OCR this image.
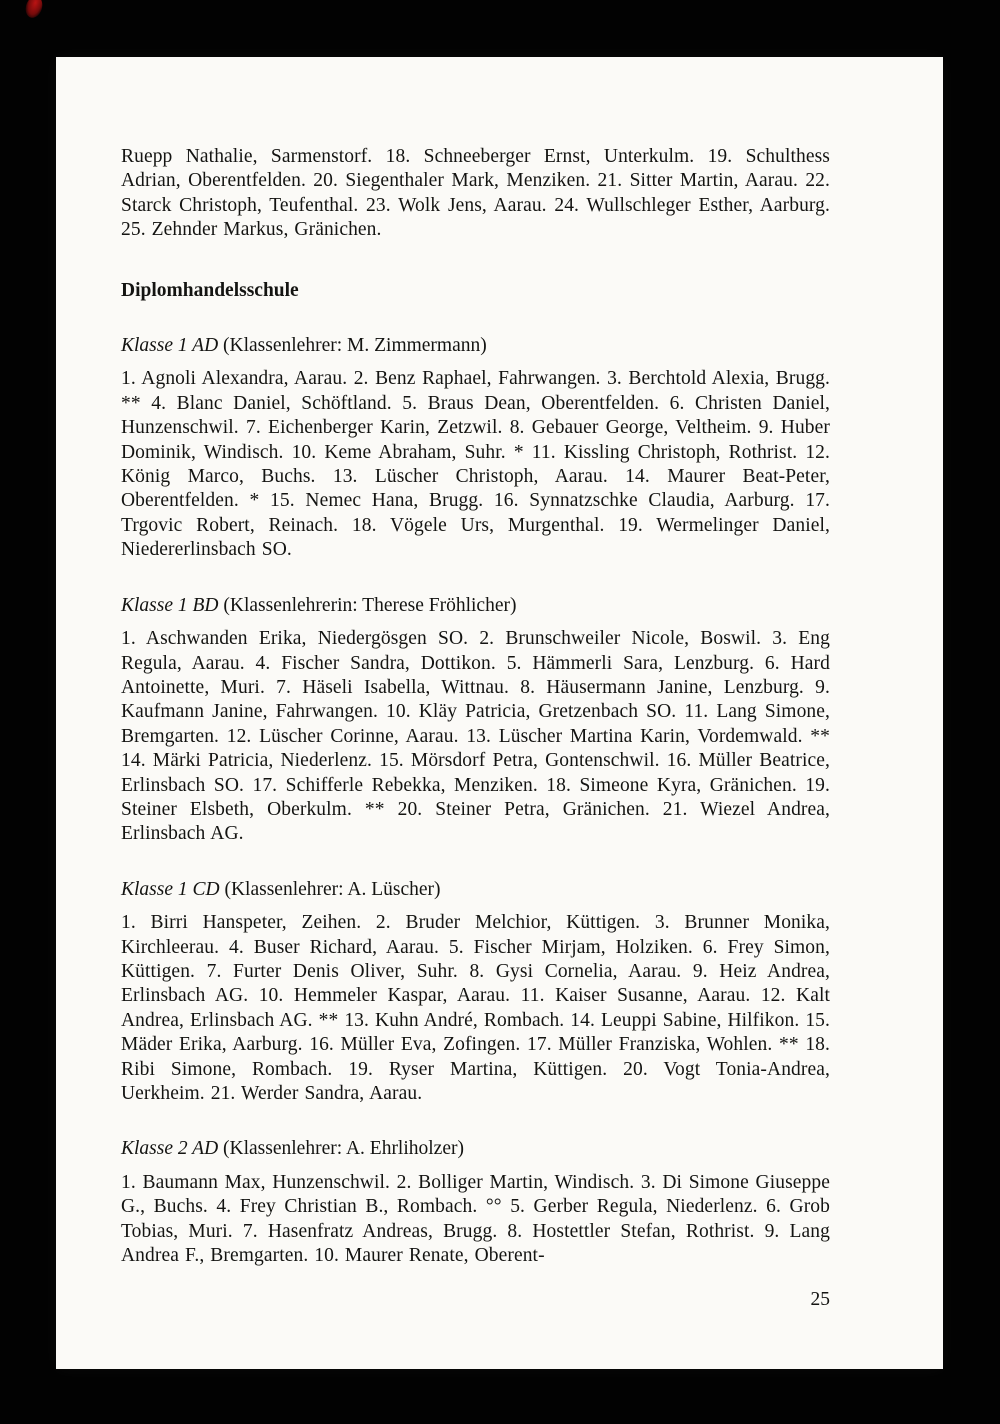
Ruepp Nathalie, Sarmenstorf. 18. Schneeberger Ernst, Unterkulm. 19. Schulthess Adrian, Oberentfelden. 20. Siegenthaler Mark, Menziken. 21. Sitter Martin, Aarau. 22. Starck Christoph, Teufenthal. 23. Wolk Jens, Aarau. 24. Wullschleger Esther, Aarburg. 25. Zehnder Markus, Gränichen.

Diplomhandelsschule

Klasse 1 AD (Klassenlehrer: M. Zimmermann)

1. Agnoli Alexandra, Aarau. 2. Benz Raphael, Fahrwangen. 3. Berchtold Alexia, Brugg. ** 4. Blanc Daniel, Schöftland. 5. Braus Dean, Oberentfelden. 6. Christen Daniel, Hunzenschwil. 7. Eichenberger Karin, Zetzwil. 8. Gebauer George, Veltheim. 9. Huber Dominik, Windisch. 10. Keme Abraham, Suhr. * 11. Kissling Christoph, Rothrist. 12. König Marco, Buchs. 13. Lüscher Christoph, Aarau. 14. Maurer Beat-Peter, Oberentfelden. * 15. Nemec Hana, Brugg. 16. Synnatzschke Claudia, Aarburg. 17. Trgovic Robert, Reinach. 18. Vögele Urs, Murgenthal. 19. Wermelinger Daniel, Niedererlinsbach SO.

Klasse 1 BD (Klassenlehrerin: Therese Fröhlicher)

1. Aschwanden Erika, Niedergösgen SO. 2. Brunschweiler Nicole, Boswil. 3. Eng Regula, Aarau. 4. Fischer Sandra, Dottikon. 5. Hämmerli Sara, Lenzburg. 6. Hard Antoinette, Muri. 7. Häseli Isabella, Wittnau. 8. Häusermann Janine, Lenzburg. 9. Kaufmann Janine, Fahrwangen. 10. Kläy Patricia, Gretzenbach SO. 11. Lang Simone, Bremgarten. 12. Lüscher Corinne, Aarau. 13. Lüscher Martina Karin, Vordemwald. ** 14. Märki Patricia, Niederlenz. 15. Mörsdorf Petra, Gontenschwil. 16. Müller Beatrice, Erlinsbach SO. 17. Schifferle Rebekka, Menziken. 18. Simeone Kyra, Gränichen. 19. Steiner Elsbeth, Oberkulm. ** 20. Steiner Petra, Gränichen. 21. Wiezel Andrea, Erlinsbach AG.

Klasse 1 CD (Klassenlehrer: A. Lüscher)

1. Birri Hanspeter, Zeihen. 2. Bruder Melchior, Küttigen. 3. Brunner Monika, Kirchleerau. 4. Buser Richard, Aarau. 5. Fischer Mirjam, Holziken. 6. Frey Simon, Küttigen. 7. Furter Denis Oliver, Suhr. 8. Gysi Cornelia, Aarau. 9. Heiz Andrea, Erlinsbach AG. 10. Hemmeler Kaspar, Aarau. 11. Kaiser Susanne, Aarau. 12. Kalt Andrea, Erlinsbach AG. ** 13. Kuhn André, Rombach. 14. Leuppi Sabine, Hilfikon. 15. Mäder Erika, Aarburg. 16. Müller Eva, Zofingen. 17. Müller Franziska, Wohlen. ** 18. Ribi Simone, Rombach. 19. Ryser Martina, Küttigen. 20. Vogt Tonia-Andrea, Uerkheim. 21. Werder Sandra, Aarau.

Klasse 2 AD (Klassenlehrer: A. Ehrliholzer)

1. Baumann Max, Hunzenschwil. 2. Bolliger Martin, Windisch. 3. Di Simone Giuseppe G., Buchs. 4. Frey Christian B., Rombach. °° 5. Gerber Regula, Niederlenz. 6. Grob Tobias, Muri. 7. Hasenfratz Andreas, Brugg. 8. Hostettler Stefan, Rothrist. 9. Lang Andrea F., Bremgarten. 10. Maurer Renate, Oberent-

25
